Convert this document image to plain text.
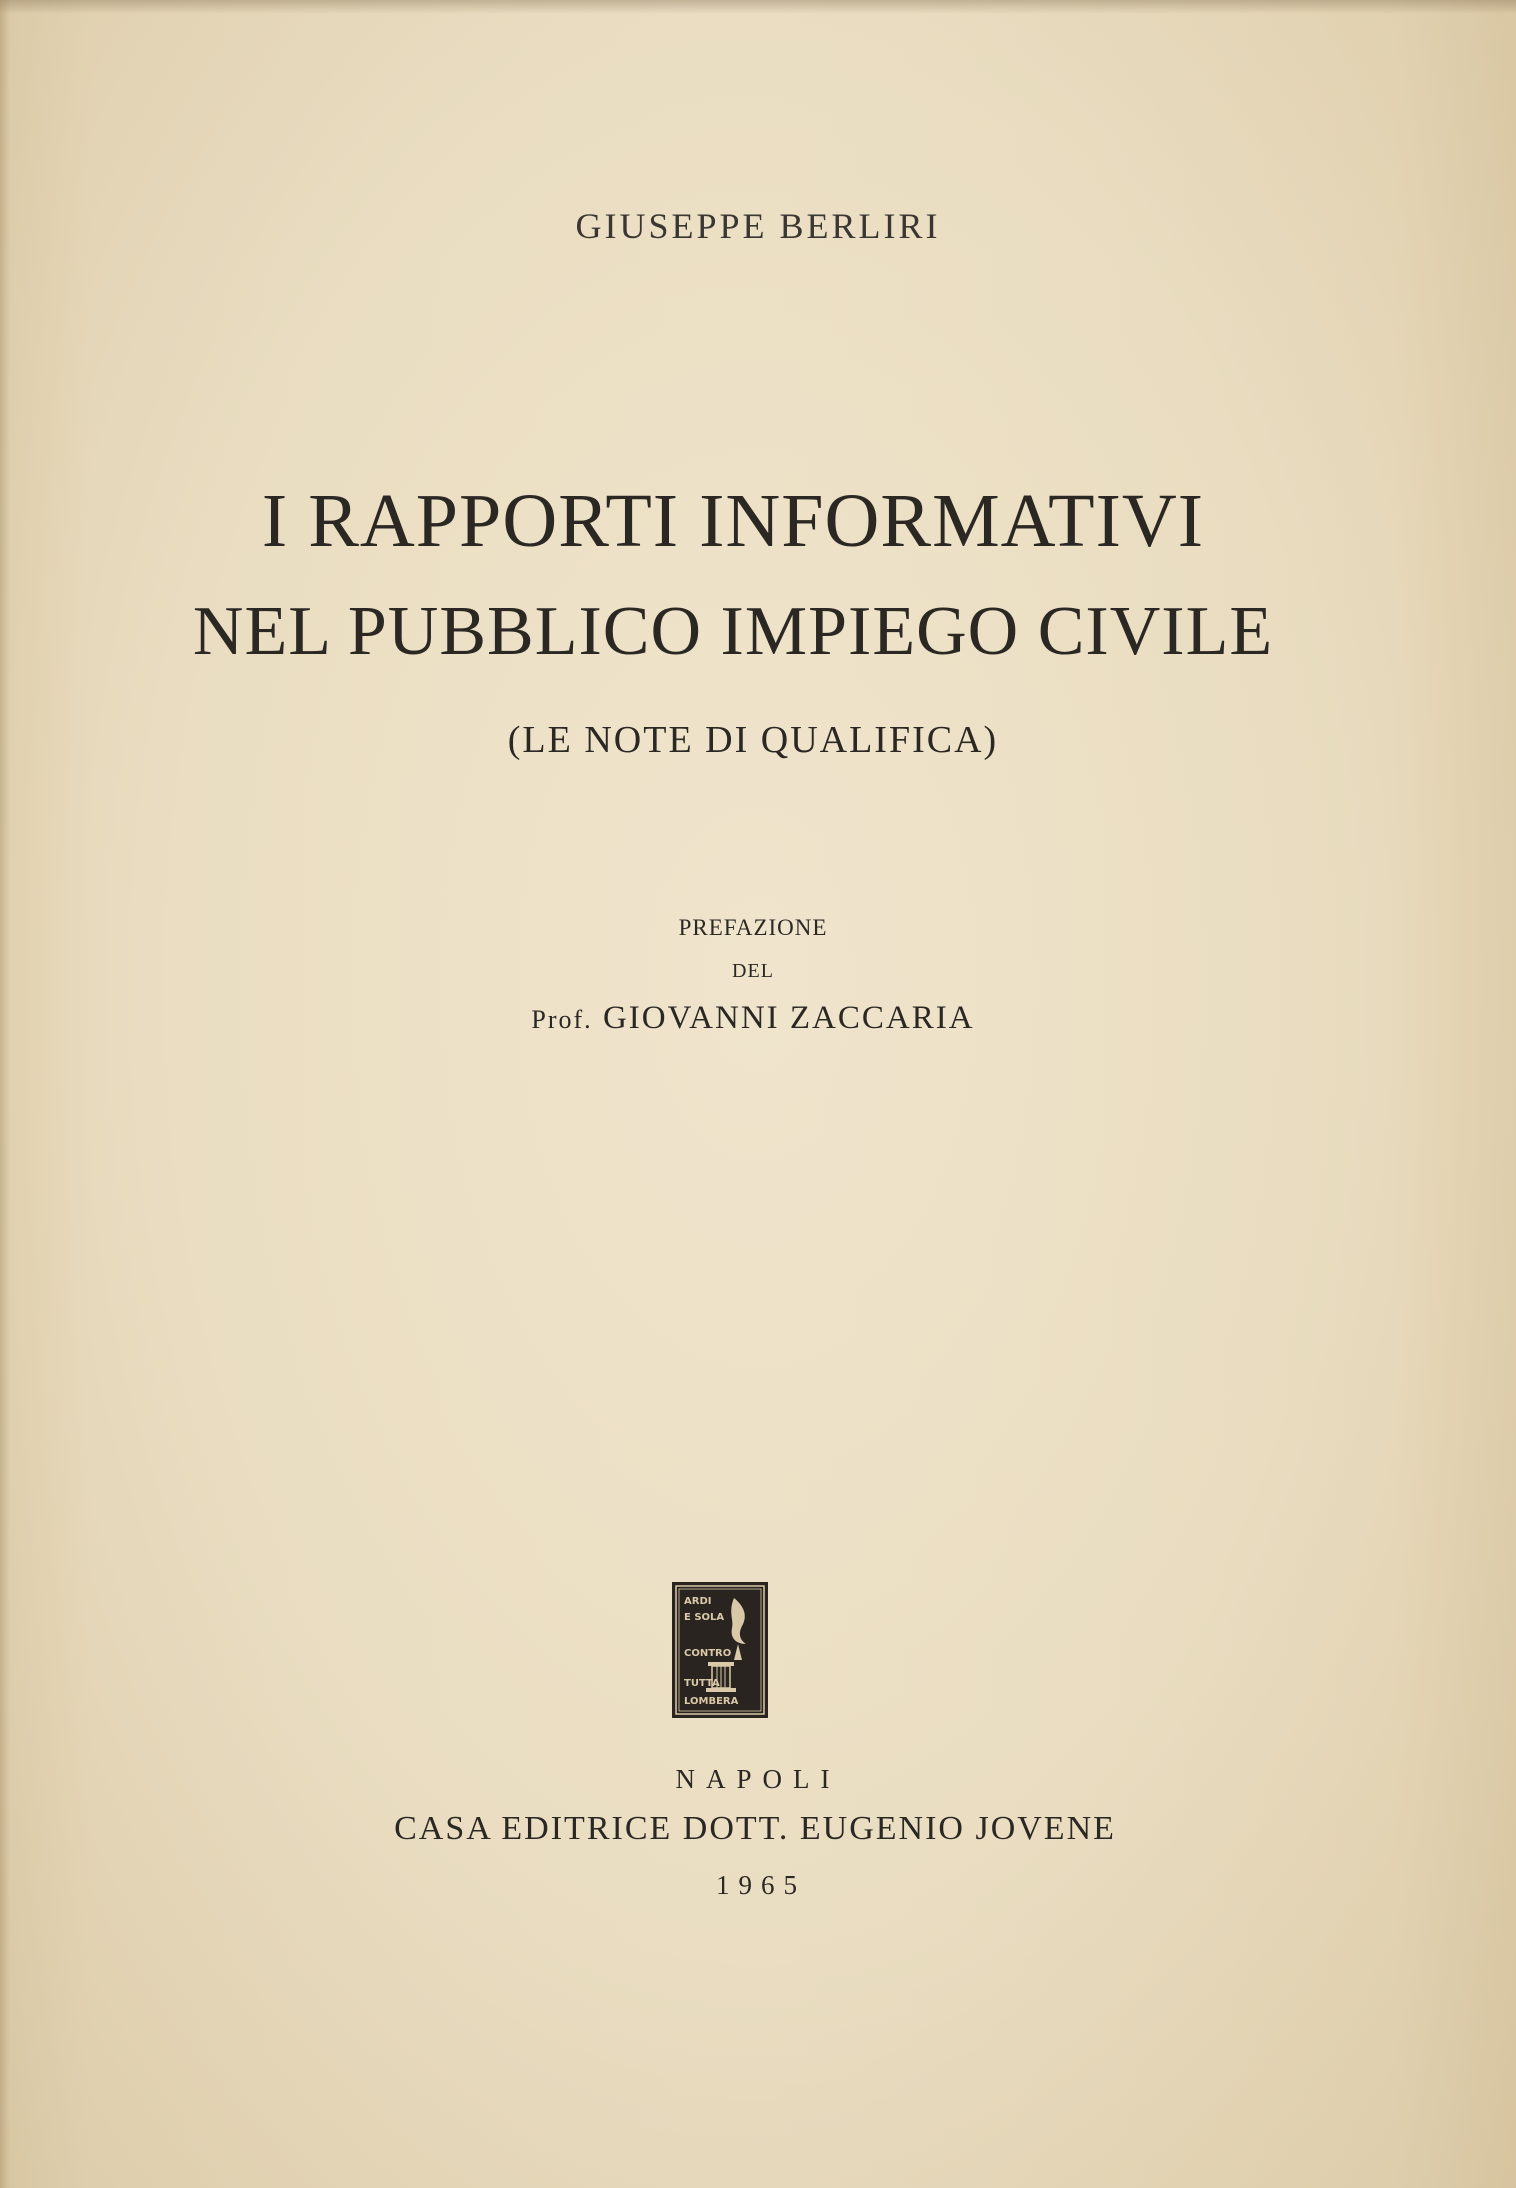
GIUSEPPE BERLIRI

I RAPPORTI INFORMATIVI
NEL PUBBLICO IMPIEGO CIVILE

(LE NOTE DI QUALIFICA)

PREFAZIONE

DEL

Prof. GIOVANNI ZACCARIA

ARDI
E SOLA
CONTRO
TUTTA
LOMBERA

NAPOLI

CASA EDITRICE DOTT. EUGENIO JOVENE

1965
